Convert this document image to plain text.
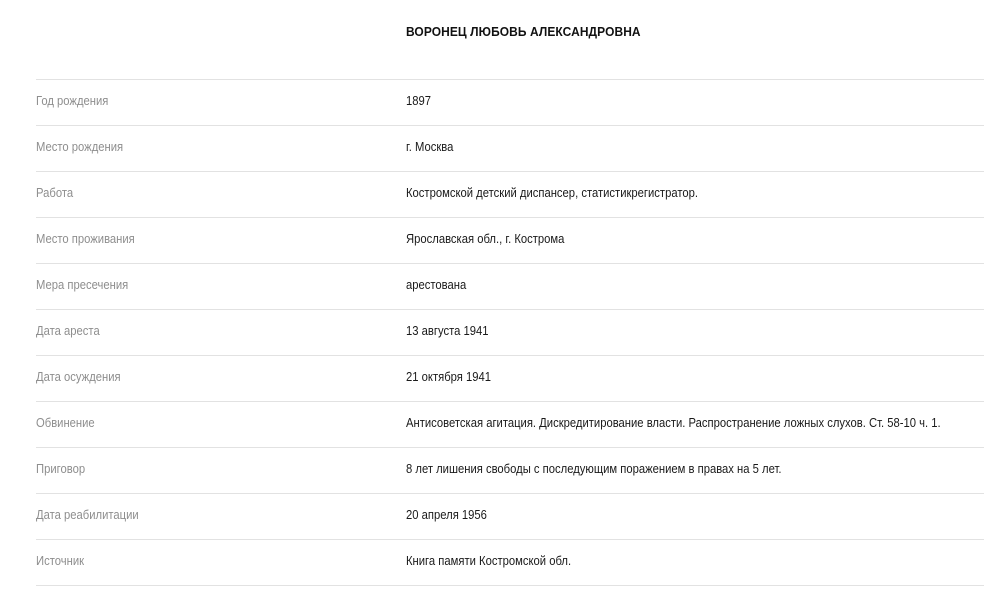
ВОРОНЕЦ ЛЮБОВЬ АЛЕКСАНДРОВНА
Год рождения	1897
Место рождения	г. Москва
Работа	Костромской детский диспансер, статистикрегистратор.
Место проживания	Ярославская обл., г. Кострома
Мера пресечения	арестована
Дата ареста	13 августа 1941
Дата осуждения	21 октября 1941
Обвинение	Антисоветская агитация. Дискредитирование власти. Распространение ложных слухов. Ст. 58-10 ч. 1.
Приговор	8 лет лишения свободы с последующим поражением в правах на 5 лет.
Дата реабилитации	20 апреля 1956
Источник	Книга памяти Костромской обл.
